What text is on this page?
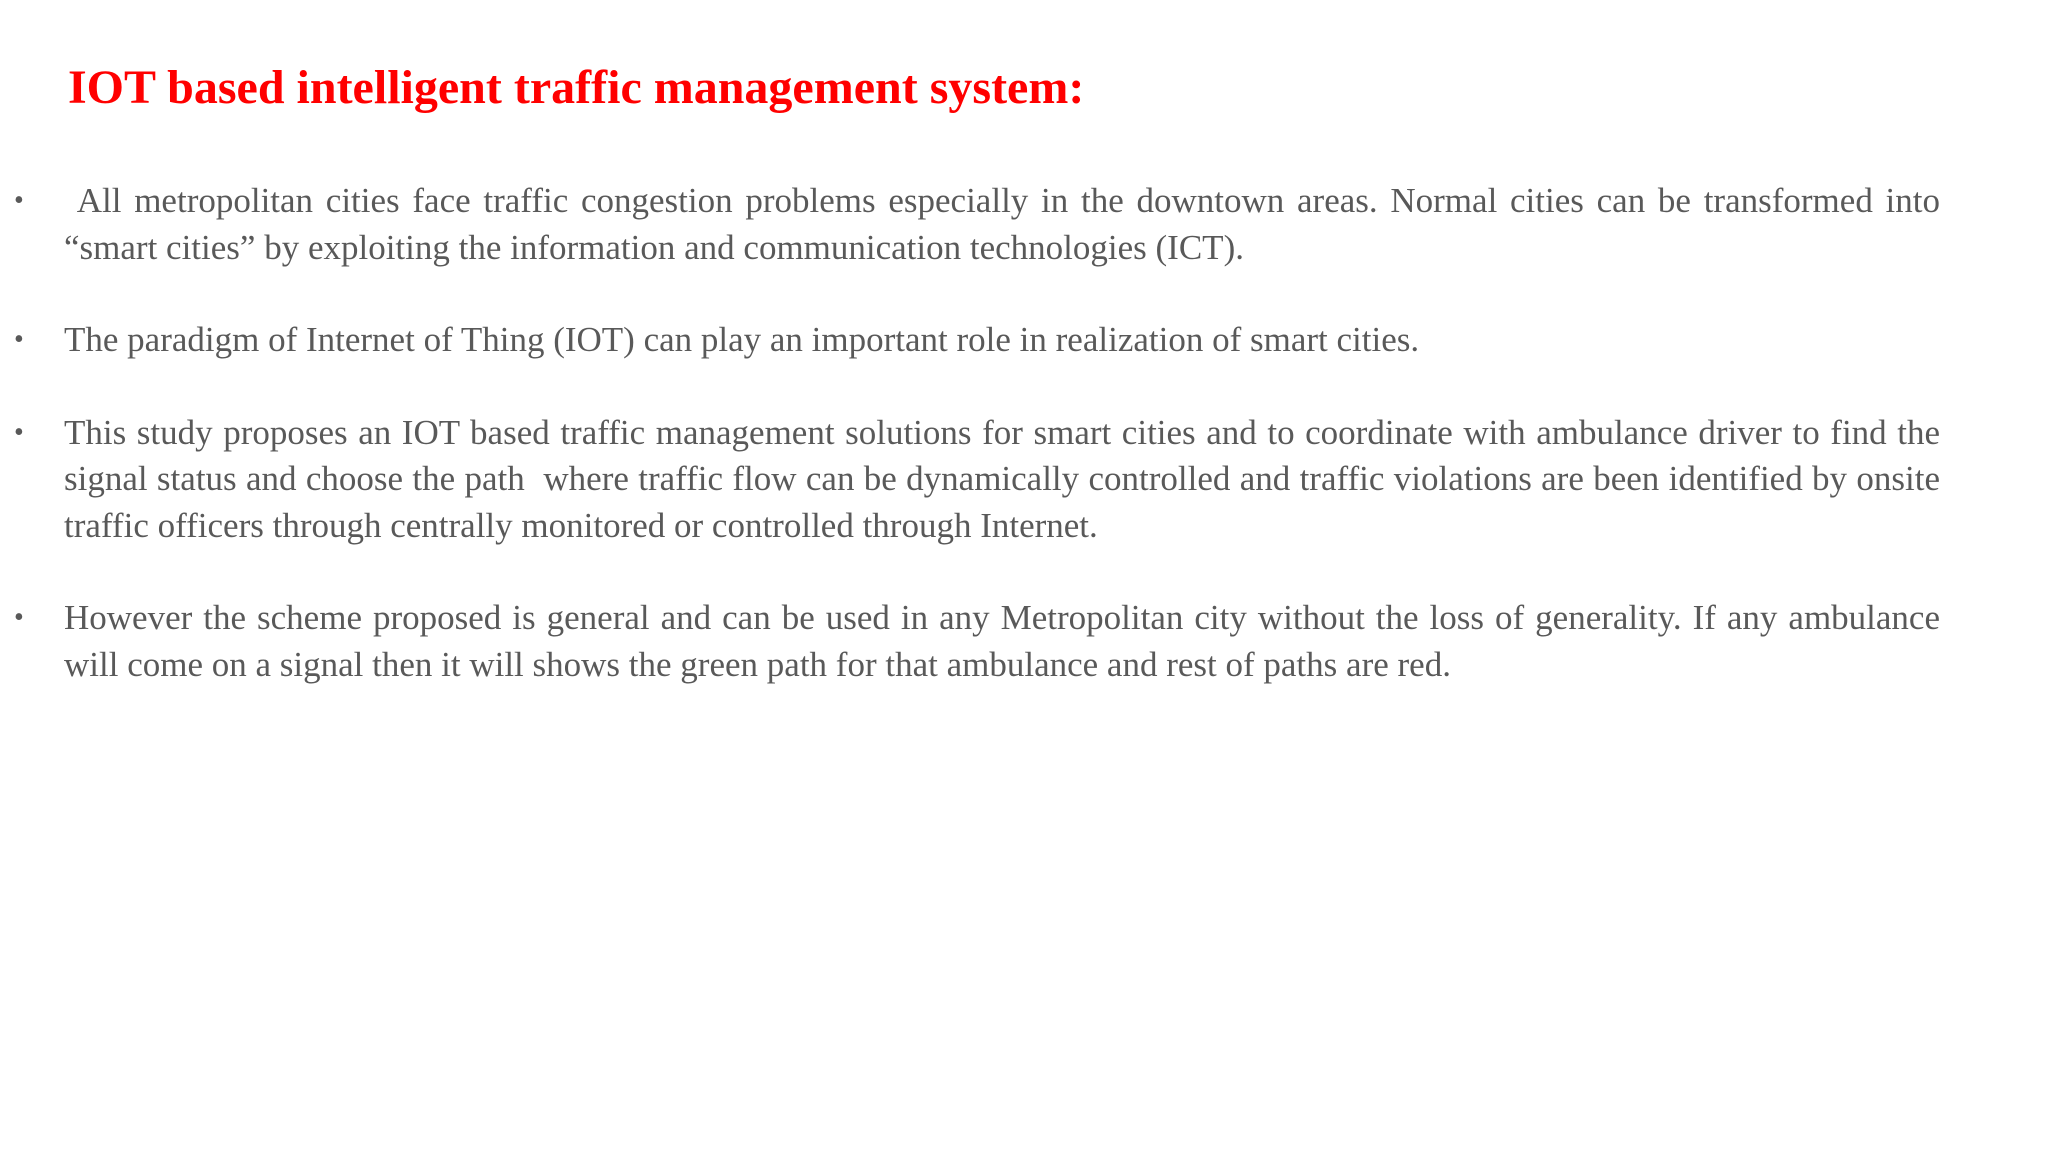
IOT based intelligent traffic management system:
• All metropolitan cities face traffic congestion problems especially in the downtown areas. Normal cities can be transformed into “smart cities” by exploiting the information and communication technologies (ICT).
• The paradigm of Internet of Thing (IOT) can play an important role in realization of smart cities.
• This study proposes an IOT based traffic management solutions for smart cities and to coordinate with ambulance driver to find the signal status and choose the path  where traffic flow can be dynamically controlled and traffic violations are been identified by onsite traffic officers through centrally monitored or controlled through Internet.
• However the scheme proposed is general and can be used in any Metropolitan city without the loss of generality. If any ambulance will come on a signal then it will shows the green path for that ambulance and rest of paths are red.
